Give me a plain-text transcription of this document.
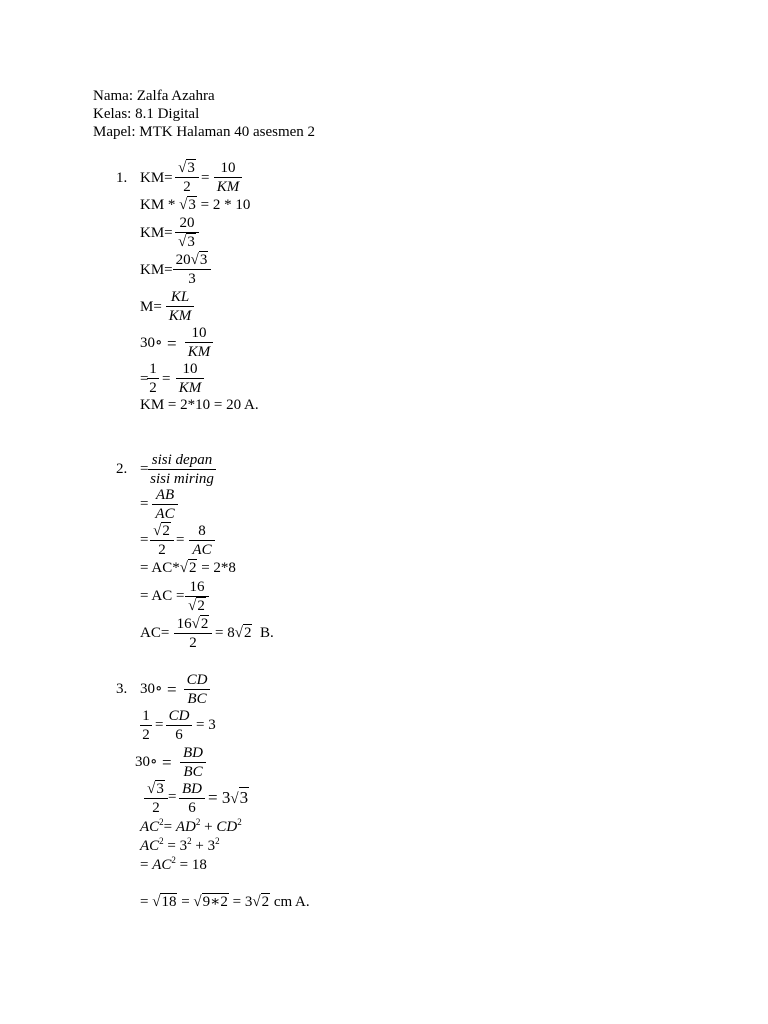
Nama: Zalfa Azahra
Kelas: 8.1 Digital
Mapel: MTK Halaman 40 asesmen 2
1. KM=
√3
2
=
10
KM
KM * √3 = 2 * 10
KM=
20
√3
KM=
20√3
3
M=
KL
KM
30∘ =
10
KM
=
1
2
=
10
KM
KM = 2*10 = 20 A.
2. =
sisi depan
sisi miring
=
AB
AC
=
√2
2
=
8
AC
= AC*√2 = 2*8
= AC =
16
√2
AC=
16√2
2
= 8√2 B.
3. 30∘ = CD
BC
1
2
=
CD
6
= 3
30∘ = BD
BC
√3
2
= BD
6
= 3√3
$AC^2= AD^2 + CD^2$
$AC^2 = 3^2 + 3^2$
= $AC^2 = 18$
= √18 = √9∗2 = 3√2 cm A.
